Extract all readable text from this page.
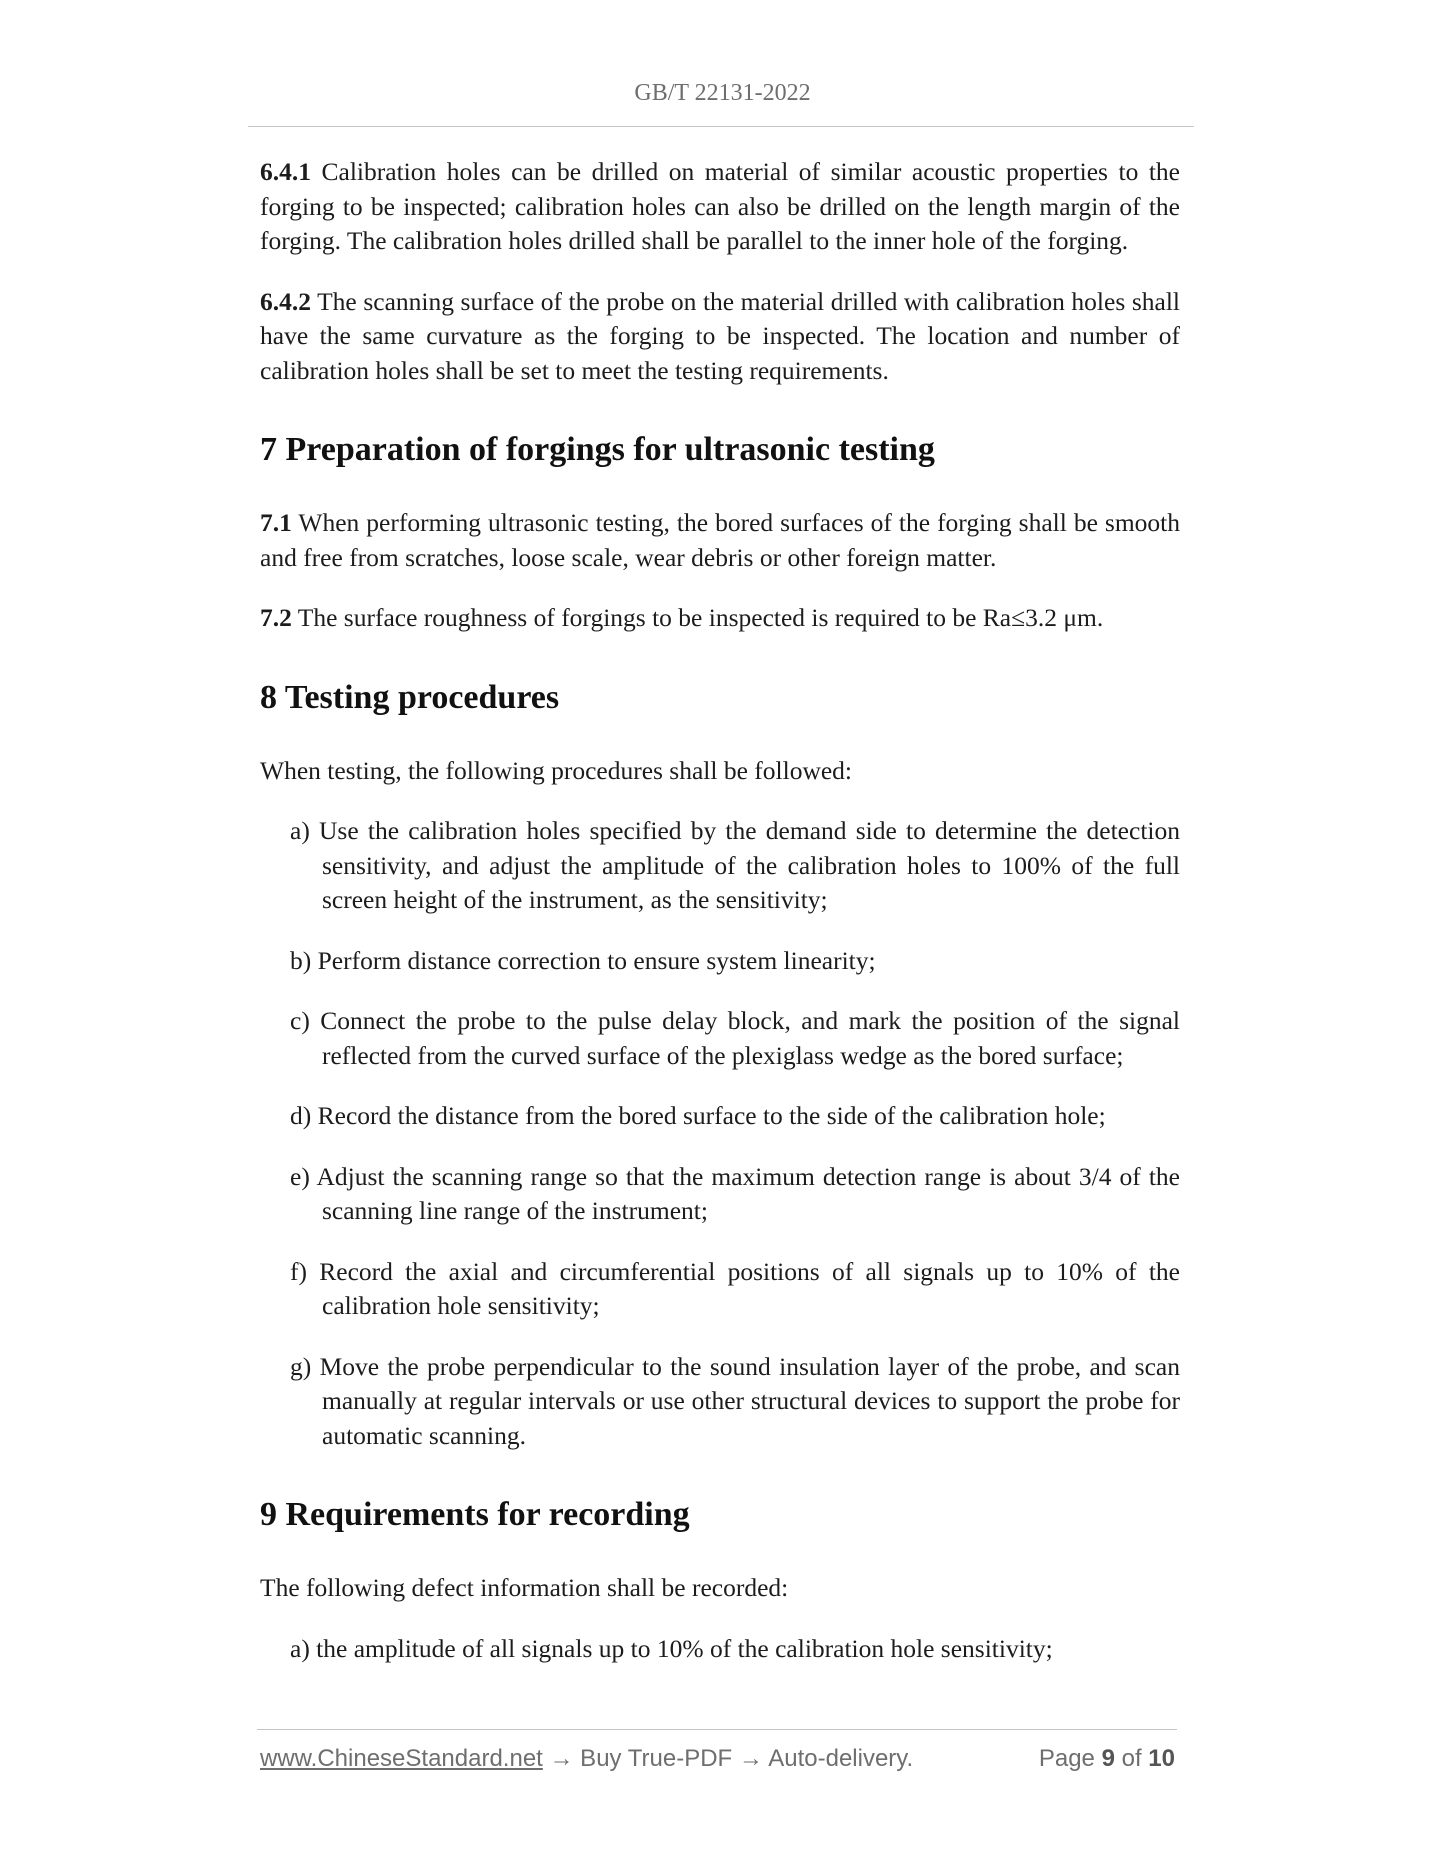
GB/T 22131-2022

6.4.1 Calibration holes can be drilled on material of similar acoustic properties to the forging to be inspected; calibration holes can also be drilled on the length margin of the forging. The calibration holes drilled shall be parallel to the inner hole of the forging.

6.4.2 The scanning surface of the probe on the material drilled with calibration holes shall have the same curvature as the forging to be inspected. The location and number of calibration holes shall be set to meet the testing requirements.

7 Preparation of forgings for ultrasonic testing

7.1 When performing ultrasonic testing, the bored surfaces of the forging shall be smooth and free from scratches, loose scale, wear debris or other foreign matter.

7.2 The surface roughness of forgings to be inspected is required to be Ra≤3.2 μm.

8 Testing procedures

When testing, the following procedures shall be followed:

a) Use the calibration holes specified by the demand side to determine the detection sensitivity, and adjust the amplitude of the calibration holes to 100% of the full screen height of the instrument, as the sensitivity;

b) Perform distance correction to ensure system linearity;

c) Connect the probe to the pulse delay block, and mark the position of the signal reflected from the curved surface of the plexiglass wedge as the bored surface;

d) Record the distance from the bored surface to the side of the calibration hole;

e) Adjust the scanning range so that the maximum detection range is about 3/4 of the scanning line range of the instrument;

f) Record the axial and circumferential positions of all signals up to 10% of the calibration hole sensitivity;

g) Move the probe perpendicular to the sound insulation layer of the probe, and scan manually at regular intervals or use other structural devices to support the probe for automatic scanning.

9 Requirements for recording

The following defect information shall be recorded:

a) the amplitude of all signals up to 10% of the calibration hole sensitivity;

www.ChineseStandard.net → Buy True-PDF → Auto-delivery.	Page 9 of 10
